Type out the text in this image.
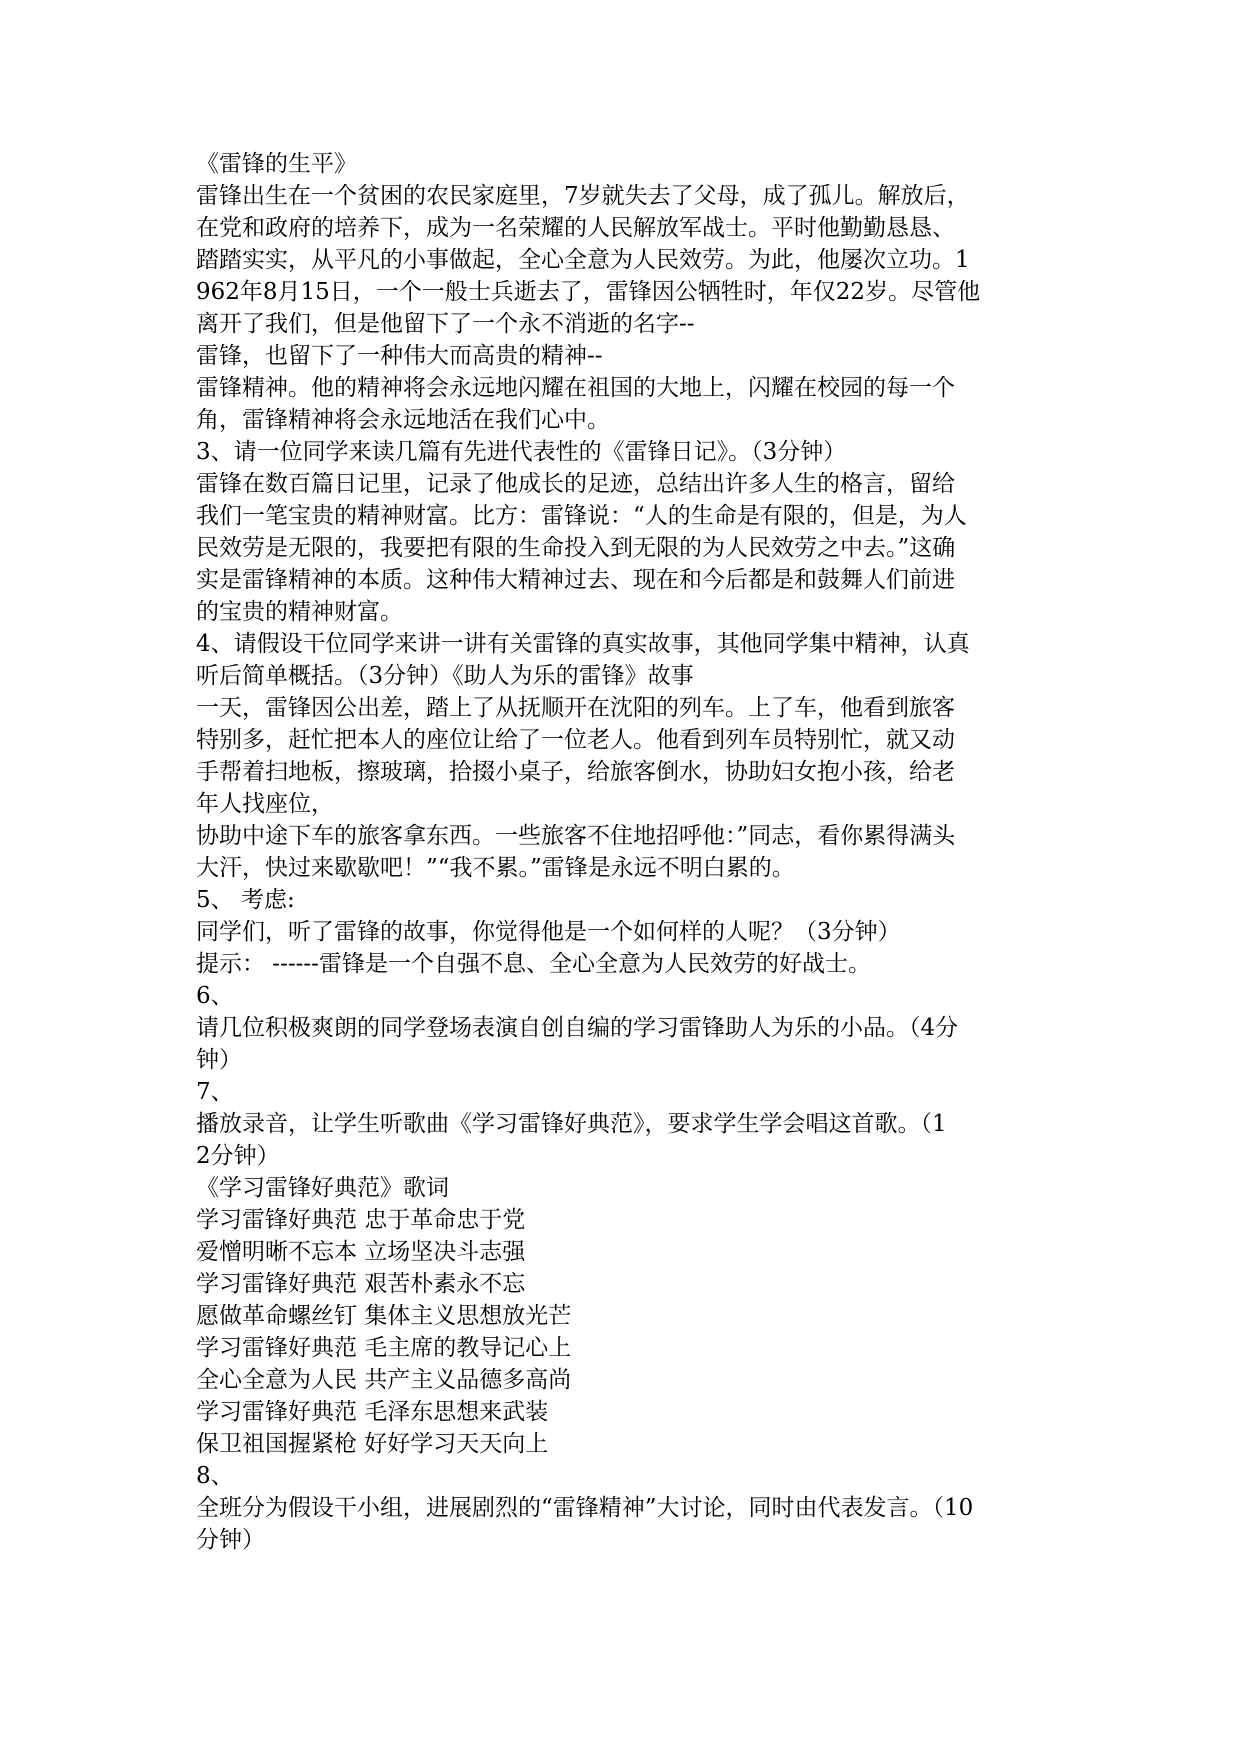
《雷锋的生平》
雷锋出生在一个贫困的农民家庭里，7岁就失去了父母，成了孤儿。解放后，
在党和政府的培养下，成为一名荣耀的人民解放军战士。平时他勤勤恳恳、
踏踏实实，从平凡的小事做起，全心全意为人民效劳。为此，他屡次立功。1
962年8月15日，一个一般士兵逝去了，雷锋因公牺牲时，年仅22岁。尽管他
离开了我们，但是他留下了一个永不消逝的名字--
雷锋，也留下了一种伟大而高贵的精神--
雷锋精神。他的精神将会永远地闪耀在祖国的大地上，闪耀在校园的每一个
角，雷锋精神将会永远地活在我们心中。
3、请一位同学来读几篇有先进代表性的《雷锋日记》。（3分钟）
雷锋在数百篇日记里，记录了他成长的足迹，总结出许多人生的格言，留给
我们一笔宝贵的精神财富。比方：雷锋说：“人的生命是有限的，但是，为人
民效劳是无限的，我要把有限的生命投入到无限的为人民效劳之中去。”这确
实是雷锋精神的本质。这种伟大精神过去、现在和今后都是和鼓舞人们前进
的宝贵的精神财富。
4、请假设干位同学来讲一讲有关雷锋的真实故事，其他同学集中精神，认真
听后简单概括。（3分钟）《助人为乐的雷锋》故事
一天，雷锋因公出差，踏上了从抚顺开在沈阳的列车。上了车，他看到旅客
特别多，赶忙把本人的座位让给了一位老人。他看到列车员特别忙，就又动
手帮着扫地板，擦玻璃，拾掇小桌子，给旅客倒水，协助妇女抱小孩，给老
年人找座位，
协助中途下车的旅客拿东西。一些旅客不住地招呼他：”同志，看你累得满头
大汗，快过来歇歇吧！”“我不累。”雷锋是永远不明白累的。
5、 考虑:
同学们，听了雷锋的故事，你觉得他是一个如何样的人呢？（3分钟）
提示： ------雷锋是一个自强不息、全心全意为人民效劳的好战士。
6、
请几位积极爽朗的同学登场表演自创自编的学习雷锋助人为乐的小品。（4分
钟）
7、
播放录音，让学生听歌曲《学习雷锋好典范》，要求学生学会唱这首歌。（1
2分钟）
《学习雷锋好典范》歌词
学习雷锋好典范 忠于革命忠于党
爱憎明晰不忘本 立场坚决斗志强
学习雷锋好典范 艰苦朴素永不忘
愿做革命螺丝钉 集体主义思想放光芒
学习雷锋好典范 毛主席的教导记心上
全心全意为人民 共产主义品德多高尚
学习雷锋好典范 毛泽东思想来武装
保卫祖国握紧枪 好好学习天天向上
8、
全班分为假设干小组，进展剧烈的“雷锋精神”大讨论，同时由代表发言。（10
分钟）
